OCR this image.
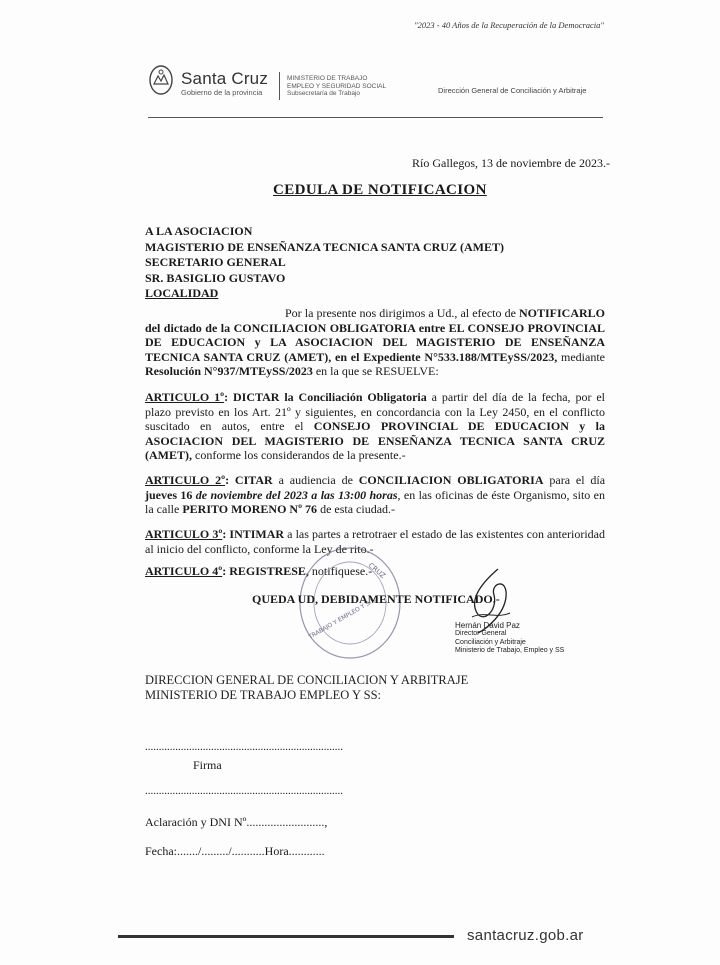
"2023 - 40 Años de la Recuperación de la Democracia"
Santa Cruz
Gobierno de la provincia
MINISTERIO DE TRABAJO
EMPLEO Y SEGURIDAD SOCIAL
Subsecretaría de Trabajo	Dirección General de Conciliación y Arbitraje
Río Gallegos, 13 de noviembre de 2023.-
CEDULA DE NOTIFICACION
A LA ASOCIACION
MAGISTERIO DE ENSEÑANZA TECNICA SANTA CRUZ (AMET)
SECRETARIO GENERAL
SR. BASIGLIO GUSTAVO
LOCALIDAD
Por la presente nos dirigimos a Ud., al efecto de NOTIFICARLO del dictado de la CONCILIACION OBLIGATORIA entre EL CONSEJO PROVINCIAL DE EDUCACION y LA ASOCIACION DEL MAGISTERIO DE ENSEÑANZA TECNICA SANTA CRUZ (AMET), en el Expediente N°533.188/MTEySS/2023, mediante Resolución N°937/MTEySS/2023 en la que se RESUELVE:
ARTICULO 1º: DICTAR la Conciliación Obligatoria a partir del día de la fecha, por el plazo previsto en los Art. 21º y siguientes, en concordancia con la Ley 2450, en el conflicto suscitado en autos, entre el CONSEJO PROVINCIAL DE EDUCACION y la ASOCIACION DEL MAGISTERIO DE ENSEÑANZA TECNICA SANTA CRUZ (AMET), conforme los considerandos de la presente.-
ARTICULO 2º: CITAR a audiencia de CONCILIACION OBLIGATORIA para el día jueves 16 de noviembre del 2023 a las 13:00 horas, en las oficinas de éste Organismo, sito en la calle PERITO MORENO Nº 76 de esta ciudad.-
ARTICULO 3º: INTIMAR a las partes a retrotraer el estado de las existentes con anterioridad al inicio del conflicto, conforme la Ley de rito.-
ARTICULO 4º: REGISTRESE, notifiquese.-
CRUZ
TRABAJO Y EMPLEO Y S.S.
QUEDA UD, DEBIDAMENTE NOTIFICADO.-
Hernán David Paz
Director General
Conciliación y Arbitraje
Ministerio de Trabajo, Empleo y SS
DIRECCION GENERAL DE CONCILIACION Y ARBITRAJE
MINISTERIO DE TRABAJO EMPLEO Y SS:
........................................................................
Firma
........................................................................
Aclaración y DNI Nº..........................,
Fecha:......./........./...........Hora............
santacruz.gob.ar
